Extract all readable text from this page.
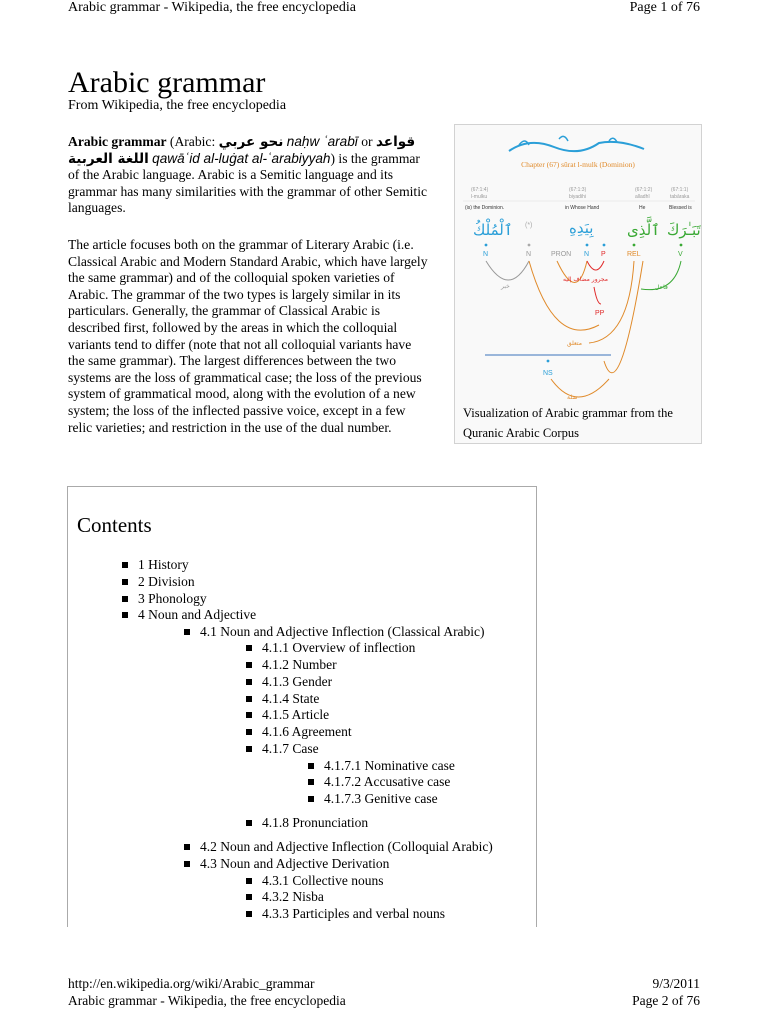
Arabic grammar - Wikipedia, the free encyclopedia	Page 1 of 76
Arabic grammar
From Wikipedia, the free encyclopedia
Arabic grammar (Arabic: نحو عربي naḥw ʿarabī or قواعد اللغة العربية qawāʿid al-luġat al-ʿarabiyyah) is the grammar of the Arabic language. Arabic is a Semitic language and its grammar has many similarities with the grammar of other Semitic languages.
The article focuses both on the grammar of Literary Arabic (i.e. Classical Arabic and Modern Standard Arabic, which have largely the same grammar) and of the colloquial spoken varieties of Arabic. The grammar of the two types is largely similar in its particulars. Generally, the grammar of Classical Arabic is described first, followed by the areas in which the colloquial variants tend to differ (note that not all colloquial variants have the same grammar). The largest differences between the two systems are the loss of grammatical case; the loss of the previous system of grammatical mood, along with the evolution of a new system; the loss of the inflected passive voice, except in a few relic varieties; and restriction in the use of the dual number.
Chapter (67) sūrat l-mulk (Dominion)
(67:1:4)	(67:1:3)	(67:1:2)	(67:1:1)
l-mulku	biyadihi	alladhī	tabāraka
(is) the Dominion.	in Whose Hand	He	Blessed is
ٱلْمُلْكُ (*) بِيَدِهِ ٱلَّذِى تَبَـٰرَكَ
N	N	PRON N P	REL	V
خبر
مجرور مضاف إليه
فاعل
PP
متعلق
NS
صلة
Visualization of Arabic grammar from the Quranic Arabic Corpus
Contents
1 History
2 Division
3 Phonology
4 Noun and Adjective
4.1 Noun and Adjective Inflection (Classical Arabic)
4.1.1 Overview of inflection
4.1.2 Number
4.1.3 Gender
4.1.4 State
4.1.5 Article
4.1.6 Agreement
4.1.7 Case
4.1.7.1 Nominative case
4.1.7.2 Accusative case
4.1.7.3 Genitive case
4.1.8 Pronunciation
4.2 Noun and Adjective Inflection (Colloquial Arabic)
4.3 Noun and Adjective Derivation
4.3.1 Collective nouns
4.3.2 Nisba
4.3.3 Participles and verbal nouns
http://en.wikipedia.org/wiki/Arabic_grammar	9/3/2011
Arabic grammar - Wikipedia, the free encyclopedia	Page 2 of 76
